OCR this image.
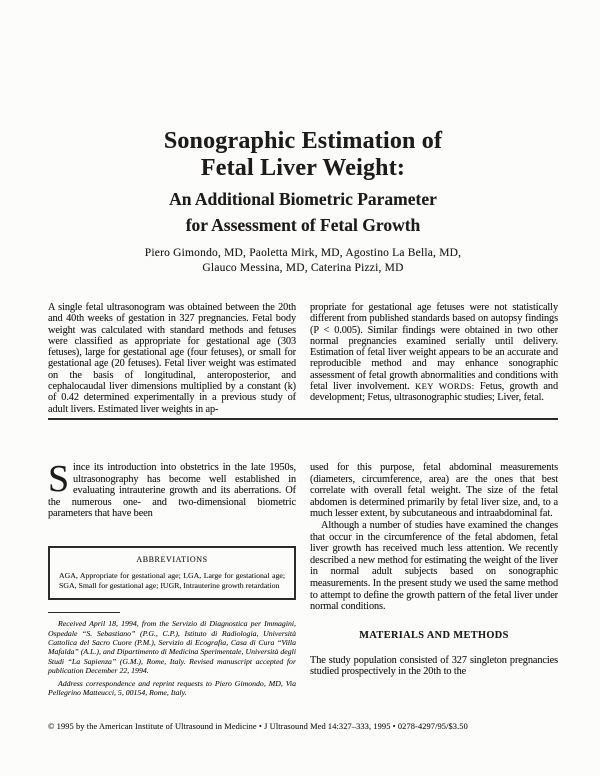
Sonographic Estimation of
Fetal Liver Weight:
An Additional Biometric Parameter
for Assessment of Fetal Growth
Piero Gimondo, MD, Paoletta Mirk, MD, Agostino La Bella, MD,
Glauco Messina, MD, Caterina Pizzi, MD

A single fetal ultrasonogram was obtained between the 20th and 40th weeks of gestation in 327 pregnancies. Fetal body weight was calculated with standard methods and fetuses were classified as appropriate for gestational age (303 fetuses), large for gestational age (four fetuses), or small for gestational age (20 fetuses). Fetal liver weight was estimated on the basis of longitudinal, anteroposterior, and cephalocaudal liver dimensions multiplied by a constant (k) of 0.42 determined experimentally in a previous study of adult livers. Estimated liver weights in ap-

propriate for gestational age fetuses were not statistically different from published standards based on autopsy findings (P < 0.005). Similar findings were obtained in two other normal pregnancies examined serially until delivery. Estimation of fetal liver weight appears to be an accurate and reproducible method and may enhance sonographic assessment of fetal growth abnormalities and conditions with fetal liver involvement. KEY WORDS: Fetus, growth and development; Fetus, ultrasonographic studies; Liver, fetal.

Since its introduction into obstetrics in the late 1950s, ultrasonography has become well established in evaluating intrauterine growth and its aberrations. Of the numerous one- and two-dimensional biometric parameters that have been

ABBREVIATIONS

AGA, Appropriate for gestational age; LGA, Large for gestational age; SGA, Small for gestational age; IUGR, Intrauterine growth retardation

Received April 18, 1994, from the Servizio di Diagnostica per Immagini, Ospedale “S. Sebastiano” (P.G., C.P.), Istituto di Radiologia, Università Cattolica del Sacro Cuore (P.M.), Servizio di Ecografia, Casa di Cura “Villa Mafalda” (A.L.), and Dipartimento di Medicina Sperimentale, Università degli Studi “La Sapienza” (G.M.), Rome, Italy. Revised manuscript accepted for publication December 22, 1994.

Address correspondence and reprint requests to Piero Gimondo, MD, Via Pellegrino Matteucci, 5, 00154, Rome, Italy.

used for this purpose, fetal abdominal measurements (diameters, circumference, area) are the ones that best correlate with overall fetal weight. The size of the fetal abdomen is determined primarily by fetal liver size, and, to a much lesser extent, by subcutaneous and intraabdominal fat.

Although a number of studies have examined the changes that occur in the circumference of the fetal abdomen, fetal liver growth has received much less attention. We recently described a new method for estimating the weight of the liver in normal adult subjects based on sonographic measurements. In the present study we used the same method to attempt to define the growth pattern of the fetal liver under normal conditions.

MATERIALS AND METHODS

The study population consisted of 327 singleton pregnancies studied prospectively in the 20th to the

© 1995 by the American Institute of Ultrasound in Medicine • J Ultrasound Med 14:327–333, 1995 • 0278-4297/95/$3.50
